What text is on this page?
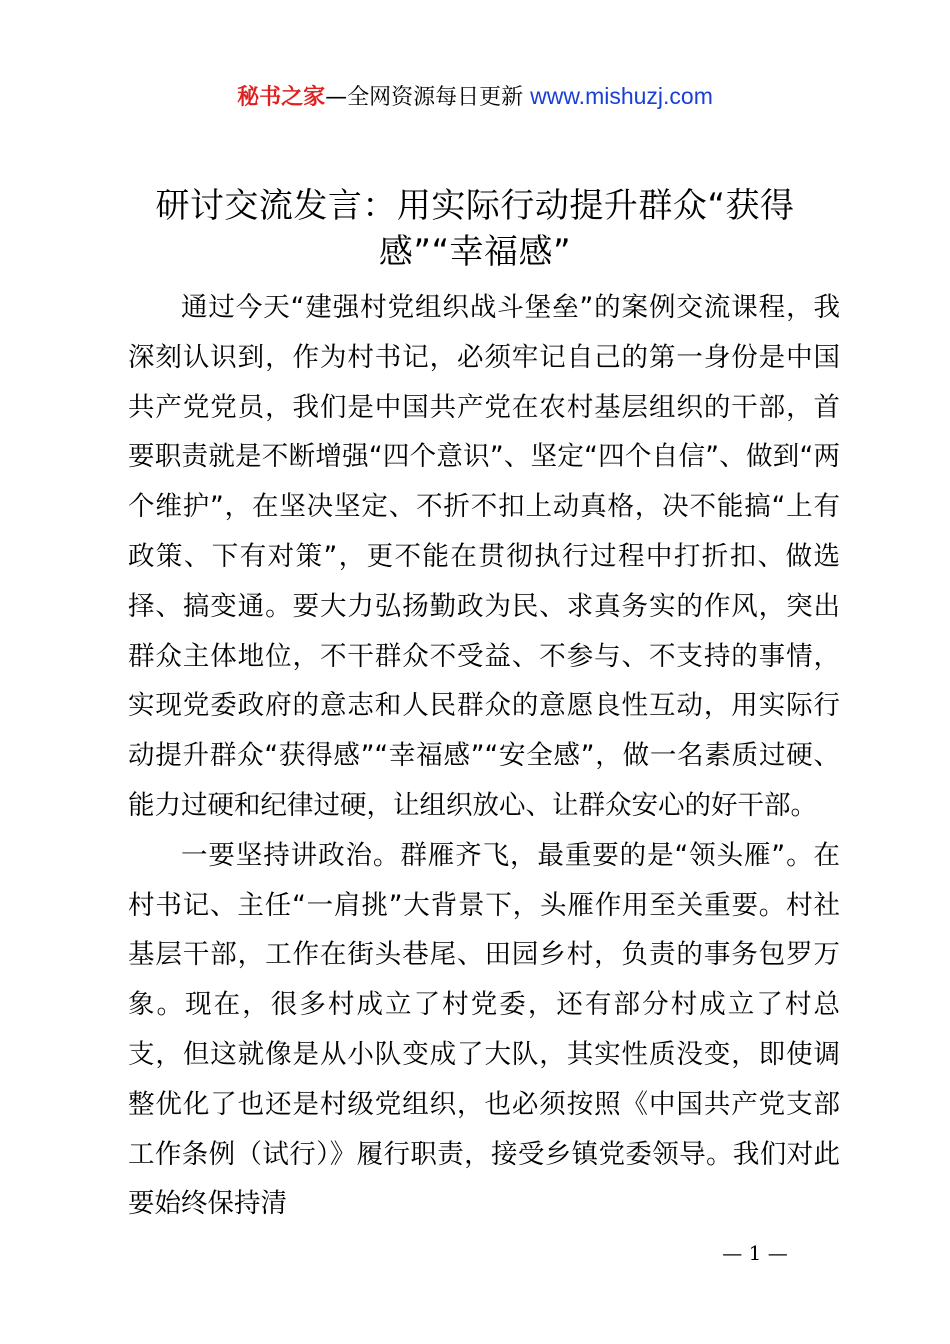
秘书之家—全网资源每日更新 www.mishuzj.com
研讨交流发言：用实际行动提升群众“获得感”“幸福感”

通过今天“建强村党组织战斗堡垒”的案例交流课程，我深刻认识到，作为村书记，必须牢记自己的第一身份是中国共产党党员，我们是中国共产党在农村基层组织的干部，首要职责就是不断增强“四个意识”、坚定“四个自信”、做到“两个维护”，在坚决坚定、不折不扣上动真格，决不能搞“上有政策、下有对策”，更不能在贯彻执行过程中打折扣、做选择、搞变通。要大力弘扬勤政为民、求真务实的作风，突出群众主体地位，不干群众不受益、不参与、不支持的事情，实现党委政府的意志和人民群众的意愿良性互动，用实际行动提升群众“获得感”“幸福感”“安全感”，做一名素质过硬、能力过硬和纪律过硬，让组织放心、让群众安心的好干部。

一要坚持讲政治。群雁齐飞，最重要的是“领头雁”。在村书记、主任“一肩挑”大背景下，头雁作用至关重要。村社基层干部，工作在街头巷尾、田园乡村，负责的事务包罗万象。现在，很多村成立了村党委，还有部分村成立了村总支，但这就像是从小队变成了大队，其实性质没变，即使调整优化了也还是村级党组织，也必须按照《中国共产党支部工作条例（试行）》履行职责，接受乡镇党委领导。我们对此要始终保持清

— 1 —
